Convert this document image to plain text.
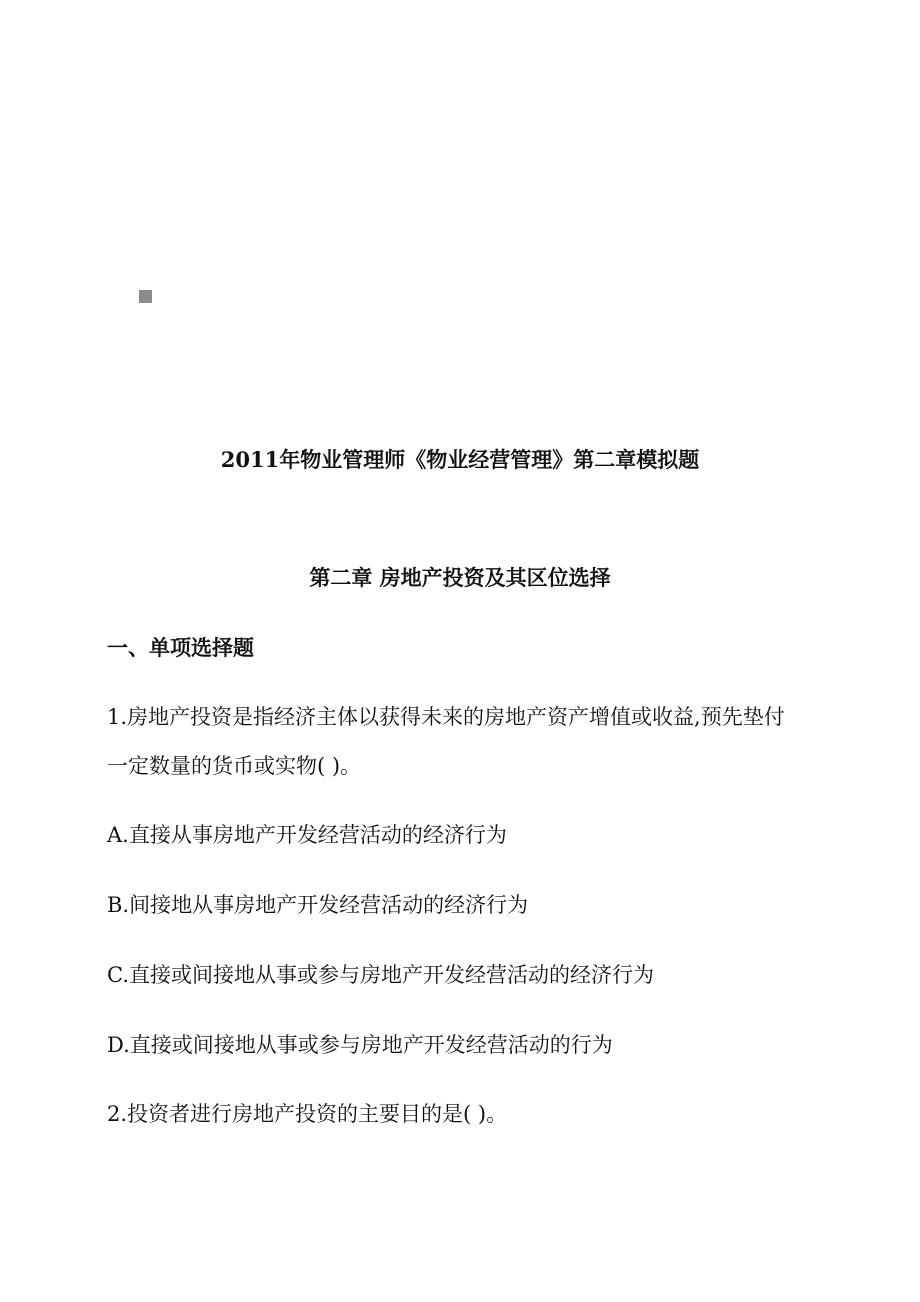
2011年物业管理师《物业经营管理》第二章模拟题
第二章 房地产投资及其区位选择
一、单项选择题
1.房地产投资是指经济主体以获得未来的房地产资产增值或收益,预先垫付
一定数量的货币或实物( )。
A.直接从事房地产开发经营活动的经济行为
B.间接地从事房地产开发经营活动的经济行为
C.直接或间接地从事或参与房地产开发经营活动的经济行为
D.直接或间接地从事或参与房地产开发经营活动的行为
2.投资者进行房地产投资的主要目的是( )。
